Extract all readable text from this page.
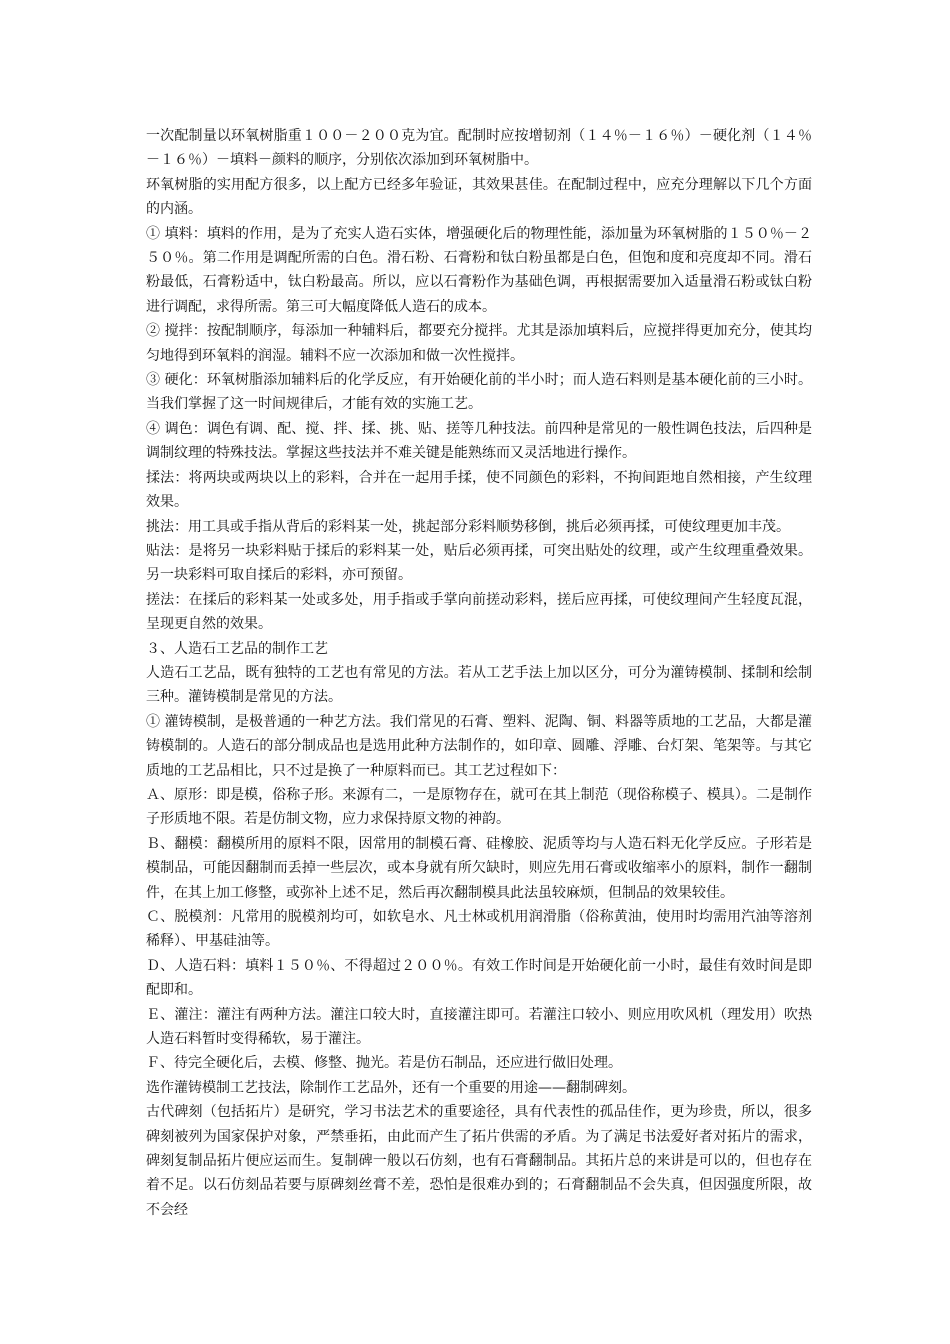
一次配制量以环氧树脂重１００－２００克为宜。配制时应按增韧剂（１４％－１６％）－硬化剂（１４％－１６％）－填料－颜料的顺序，分别依次添加到环氧树脂中。

环氧树脂的实用配方很多，以上配方已经多年验证，其效果甚佳。在配制过程中，应充分理解以下几个方面的内涵。

① 填料：填料的作用，是为了充实人造石实体，增强硬化后的物理性能，添加量为环氧树脂的１５０％－２５０％。第二作用是调配所需的白色。滑石粉、石膏粉和钛白粉虽都是白色，但饱和度和亮度却不同。滑石粉最低，石膏粉适中，钛白粉最高。所以，应以石膏粉作为基础色调，再根据需要加入适量滑石粉或钛白粉进行调配，求得所需。第三可大幅度降低人造石的成本。

② 搅拌：按配制顺序，每添加一种辅料后，都要充分搅拌。尤其是添加填料后，应搅拌得更加充分，使其均匀地得到环氧料的润湿。辅料不应一次添加和做一次性搅拌。

③ 硬化：环氧树脂添加辅料后的化学反应，有开始硬化前的半小时；而人造石料则是基本硬化前的三小时。当我们掌握了这一时间规律后，才能有效的实施工艺。

④ 调色：调色有调、配、搅、拌、揉、挑、贴、搓等几种技法。前四种是常见的一般性调色技法，后四种是调制纹理的特殊技法。掌握这些技法并不难关键是能熟练而又灵活地进行操作。

揉法：将两块或两块以上的彩料，合并在一起用手揉，使不同颜色的彩料，不拘间距地自然相接，产生纹理效果。

挑法：用工具或手指从背后的彩料某一处，挑起部分彩料顺势移倒，挑后必须再揉，可使纹理更加丰茂。

贴法：是将另一块彩料贴于揉后的彩料某一处，贴后必须再揉，可突出贴处的纹理，或产生纹理重叠效果。另一块彩料可取自揉后的彩料，亦可预留。

搓法：在揉后的彩料某一处或多处，用手指或手掌向前搓动彩料，搓后应再揉，可使纹理间产生轻度瓦混，呈现更自然的效果。

３、人造石工艺品的制作工艺

人造石工艺品，既有独特的工艺也有常见的方法。若从工艺手法上加以区分，可分为灌铸模制、揉制和绘制三种。灌铸模制是常见的方法。

① 灌铸模制，是极普通的一种艺方法。我们常见的石膏、塑料、泥陶、铜、料器等质地的工艺品，大都是灌铸模制的。人造石的部分制成品也是选用此种方法制作的，如印章、圆雕、浮雕、台灯架、笔架等。与其它质地的工艺品相比，只不过是换了一种原料而已。其工艺过程如下：

Ａ、原形：即是模，俗称子形。来源有二，一是原物存在，就可在其上制范（现俗称模子、模具）。二是制作子形质地不限。若是仿制文物，应力求保持原文物的神韵。

Ｂ、翻模：翻模所用的原料不限，因常用的制模石膏、硅橡胶、泥质等均与人造石料无化学反应。子形若是模制品，可能因翻制而丢掉一些层次，或本身就有所欠缺时，则应先用石膏或收缩率小的原料，制作一翻制件，在其上加工修整，或弥补上述不足，然后再次翻制模具此法虽较麻烦，但制品的效果较佳。

Ｃ、脱模剂：凡常用的脱模剂均可，如软皂水、凡士林或机用润滑脂（俗称黄油，使用时均需用汽油等溶剂稀释）、甲基硅油等。

Ｄ、人造石料：填料１５０％、不得超过２００％。有效工作时间是开始硬化前一小时，最佳有效时间是即配即和。

Ｅ、灌注：灌注有两种方法。灌注口较大时，直接灌注即可。若灌注口较小、则应用吹风机（理发用）吹热人造石料暂时变得稀软，易于灌注。

Ｆ、待完全硬化后，去模、修整、抛光。若是仿石制品，还应进行做旧处理。

选作灌铸模制工艺技法，除制作工艺品外，还有一个重要的用途——翻制碑刻。

古代碑刻（包括拓片）是研究，学习书法艺术的重要途径，具有代表性的孤品佳作，更为珍贵，所以，很多碑刻被列为国家保护对象，严禁垂拓，由此而产生了拓片供需的矛盾。为了满足书法爱好者对拓片的需求，碑刻复制品拓片便应运而生。复制碑一般以石仿刻，也有石膏翻制品。其拓片总的来讲是可以的，但也存在着不足。以石仿刻品若要与原碑刻丝膏不差，恐怕是很难办到的；石膏翻制品不会失真，但因强度所限，故不会经
